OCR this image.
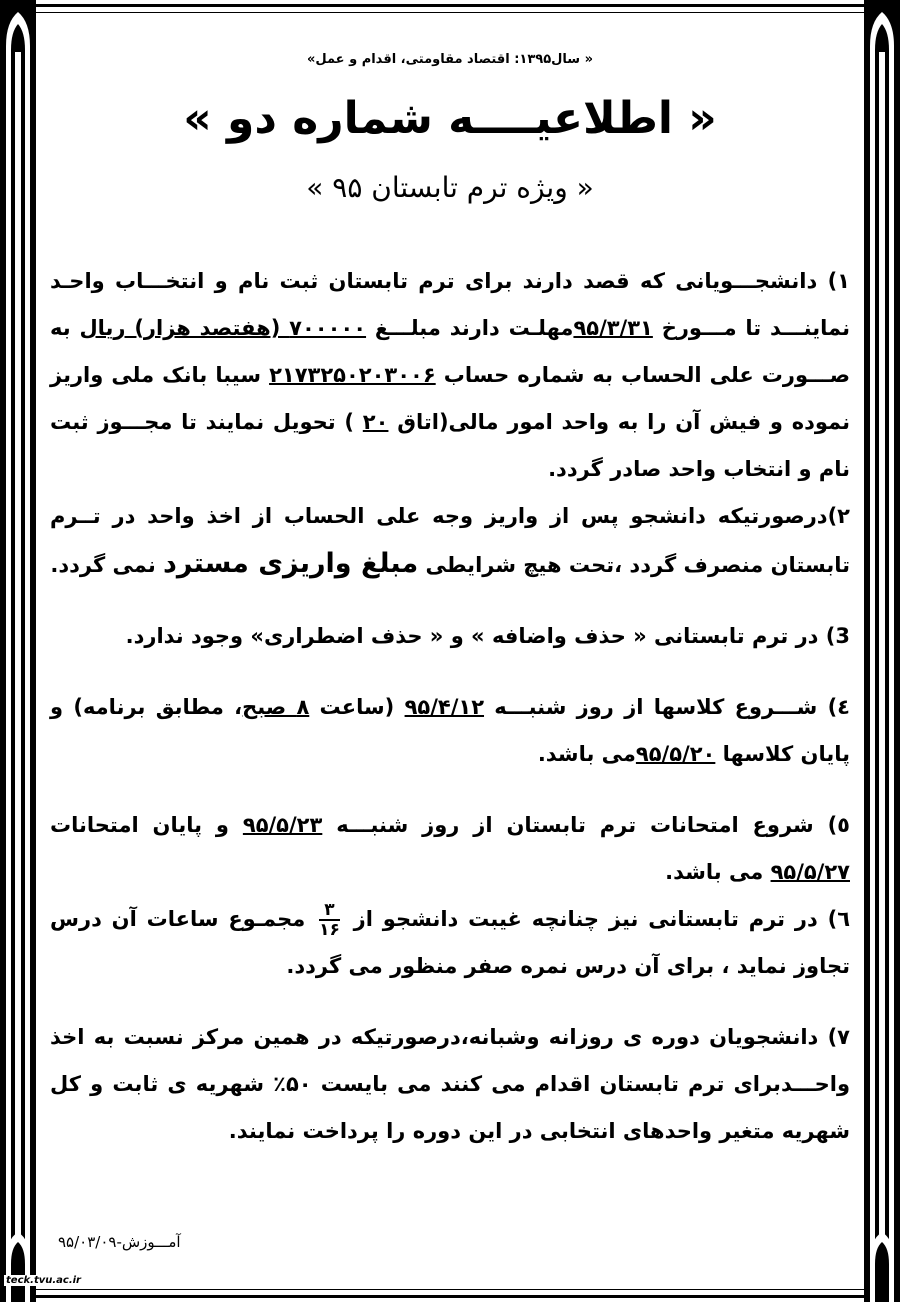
« سال۱۳۹۵: اقتصاد مقاومتی، اقدام و عمل»
« اطلاعیــــه شماره دو »
« ویژه ترم تابستان ۹۵ »
۱) دانشجـــویانی که قصد دارند برای ترم تابستان ثبت نام و انتخـــاب واحـد نماینـــد تا مـــورخ ۹۵/۳/۳۱مهلـت دارند مبلـــغ ۷۰۰۰۰۰ (هفتصد هزار) ریال به صـــورت علی الحساب به شماره حساب ۲۱۷۳۲۵۰۲۰۳۰۰۶ سیبا بانک ملی واریز نموده و فیش آن را به واحد امور مالی(اتاق ۲۰ ) تحویل نمایند تا مجـــوز ثبت نام و انتخاب واحد صادر گردد.
۲)درصورتیکه دانشجو پس از واریز وجه علی الحساب از اخذ واحد در تــرم تابستان منصرف گردد ،تحت هیچ شرایطی مبلغ واریزی مسترد نمی گردد.
3) در ترم تابستانی « حذف واضافه » و « حذف اضطراری» وجود ندارد.
٤) شـــروع کلاسها از روز شنبـــه ۹۵/۴/۱۲ (ساعت ۸ صبح، مطابق برنامه) و پایان کلاسها ۹۵/۵/۲۰می باشد.
٥) شروع امتحانات ترم تابستان از روز شنبـــه ۹۵/۵/۲۳ و پایان امتحانات ۹۵/۵/۲۷ می باشد.
٦) در ترم تابستانی نیز چنانچه غیبت دانشجو از
$\frac{۳}{۱۶}$
مجمـوع ساعات آن درس تجاوز نماید ، برای آن درس نمره صفر منظور می گردد.
۷) دانشجویان دوره ی روزانه وشبانه،درصورتیکه در همین مرکز نسبت به اخذ واحـــدبرای ترم تابستان اقدام می کنند می بایست ۵۰٪ شهریه ی ثابت و کل شهریه متغیر واحدهای انتخابی در این دوره را پرداخت نمایند.
آمـــوزش-۹۵/۰۳/۰۹
teck.tvu.ac.ir
